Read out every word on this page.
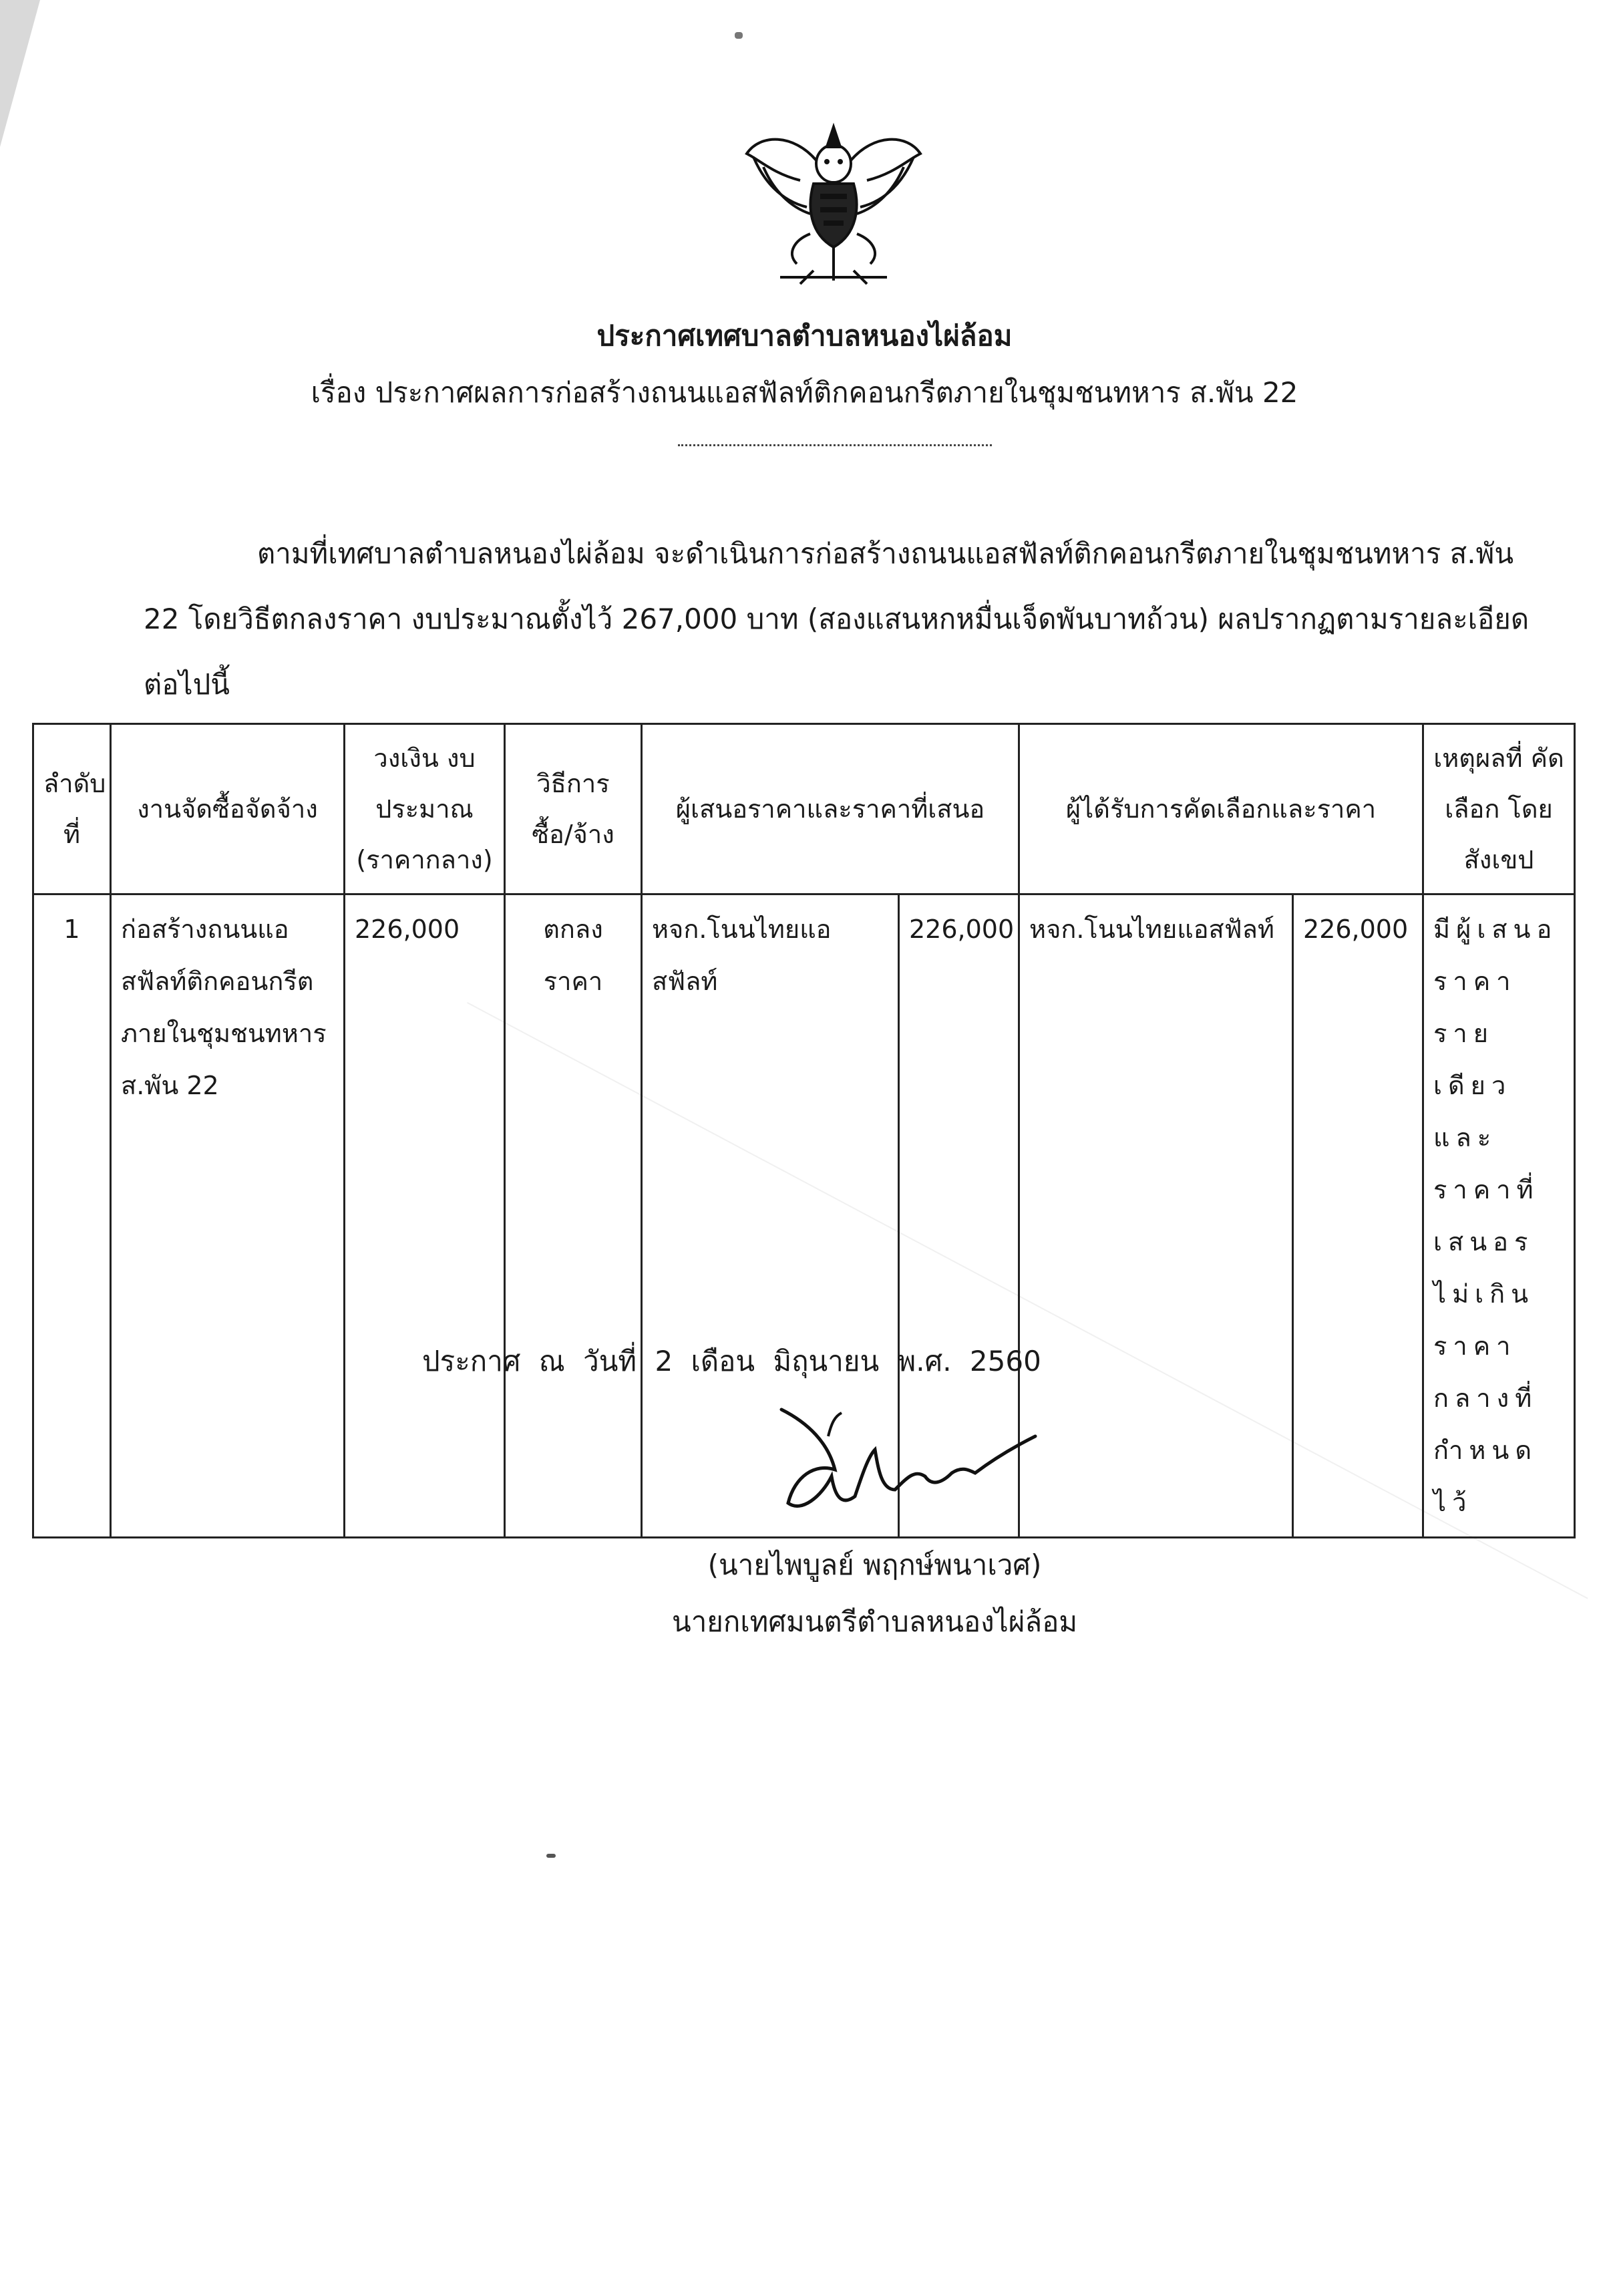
ประกาศเทศบาลตำบลหนองไผ่ล้อม
เรื่อง ประกาศผลการก่อสร้างถนนแอสฟัลท์ติกคอนกรีตภายในชุมชนทหาร ส.พัน 22
ตามที่เทศบาลตำบลหนองไผ่ล้อม จะดำเนินการก่อสร้างถนนแอสฟัลท์ติกคอนกรีตภายในชุมชนทหาร ส.พัน 22 โดยวิธีตกลงราคา งบประมาณตั้งไว้ 267,000 บาท (สองแสนหกหมื่นเจ็ดพันบาทถ้วน) ผลปรากฏตามรายละเอียดต่อไปนี้
ลำดับที่	งานจัดซื้อจัดจ้าง	วงเงิน งบประมาณ (ราคากลาง)	วิธีการ ซื้อ/จ้าง	ผู้เสนอราคาและราคาที่เสนอ		ผู้ได้รับการคัดเลือกและราคา		เหตุผลที่ คัดเลือก โดยสังเขป
1	ก่อสร้างถนนแอสฟัลท์ติกคอนกรีตภายในชุมชนทหาร ส.พัน 22	226,000	ตกลง ราคา	หจก.โนนไทยแอสฟัลท์	226,000	หจก.โนนไทยแอสฟัลท์	226,000	มีผู้เสนอราคารายเดียวและราคาที่เสนอรไม่เกินราคากลางที่กำหนดไว้
ประกาศ ณ วันที่ 2 เดือน มิถุนายน พ.ศ. 2560
(นายไพบูลย์ พฤกษ์พนาเวศ)
นายกเทศมนตรีตำบลหนองไผ่ล้อม
